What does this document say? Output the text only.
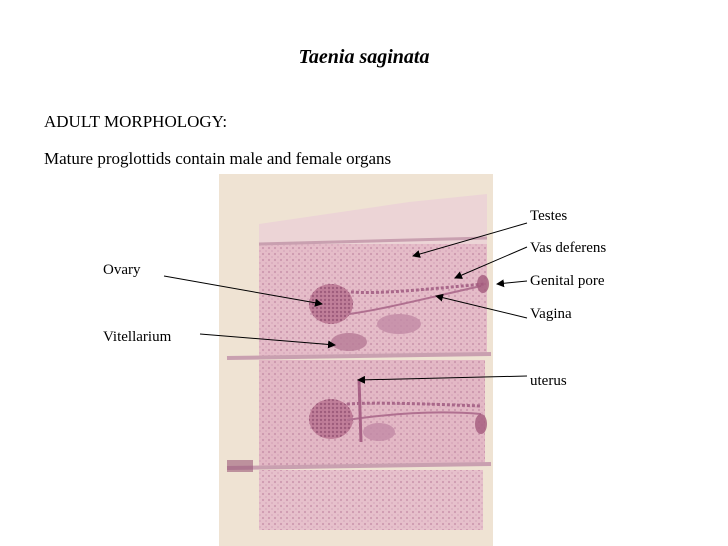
Taenia saginata
ADULT MORPHOLOGY:
Mature proglottids contain male and female organs
Testes
Vas deferens
Genital pore
Vagina
uterus
Ovary
Vitellarium
